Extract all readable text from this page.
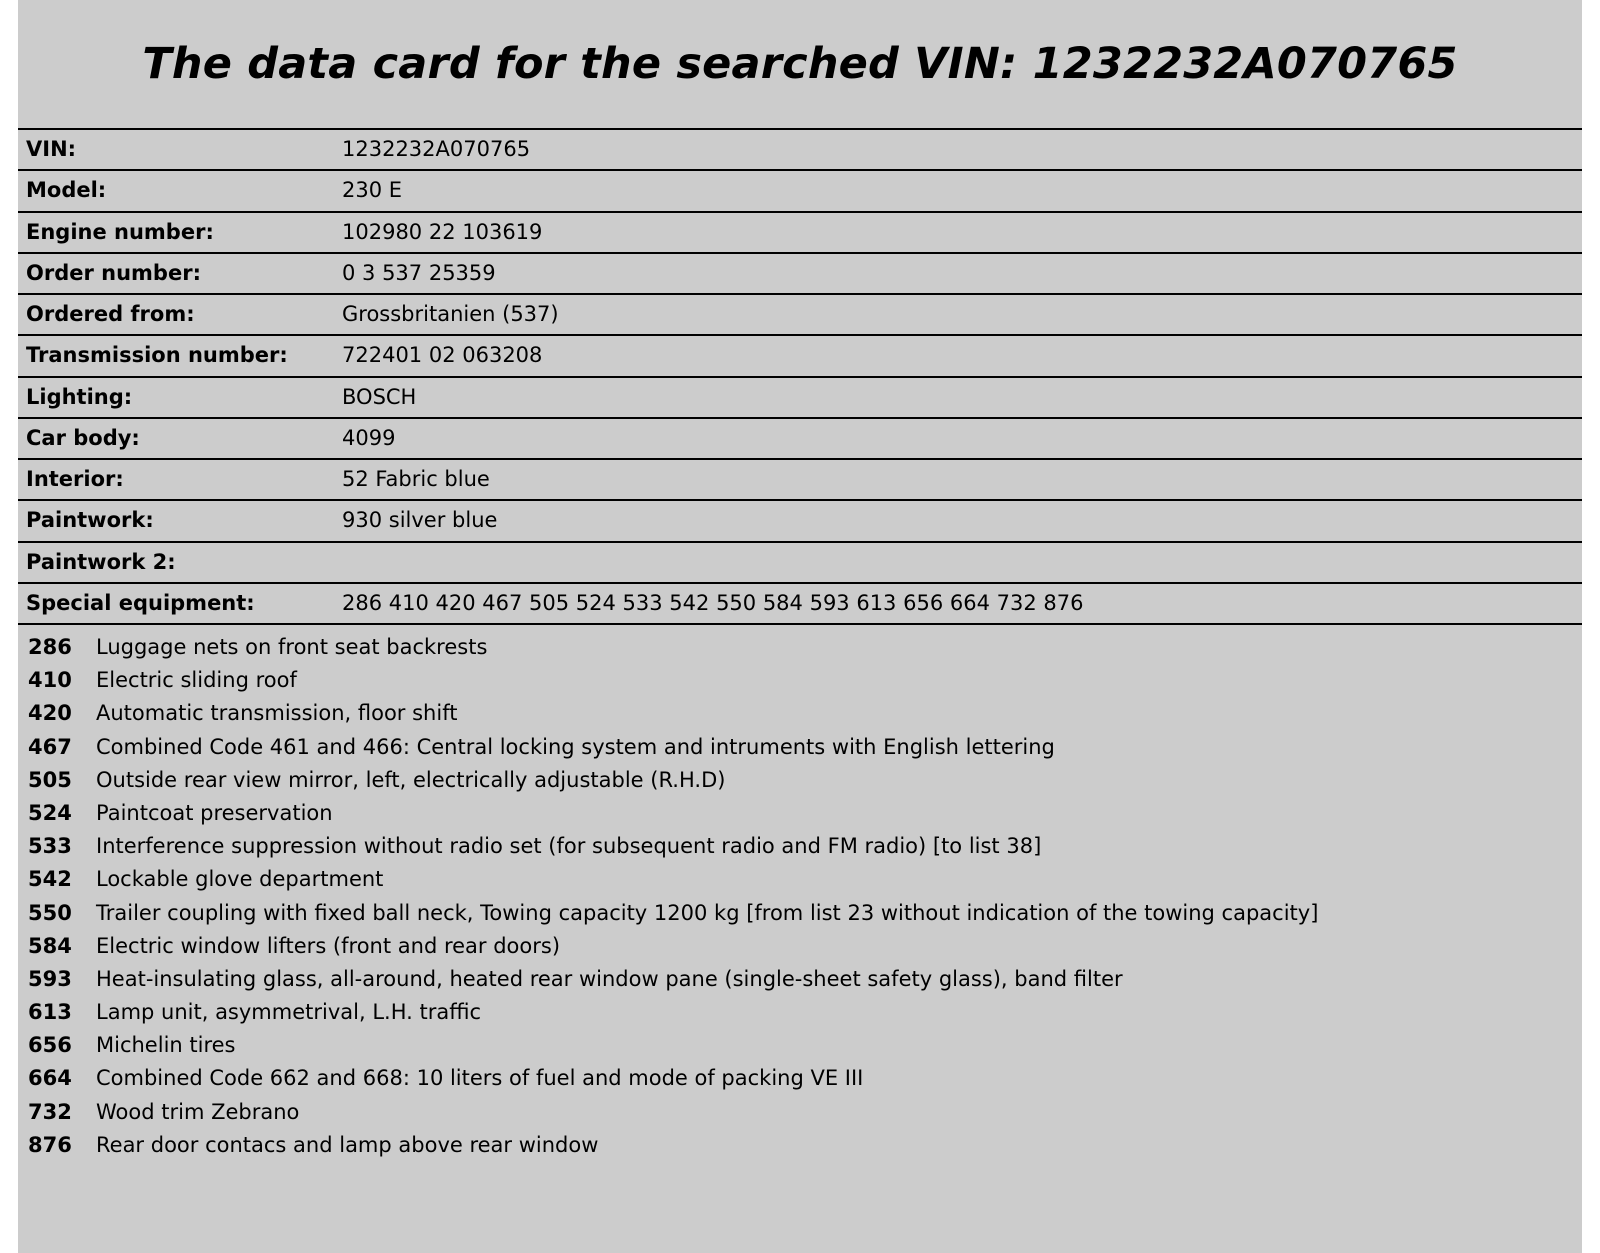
The data card for the searched VIN: 1232232A070765
VIN:	1232232A070765
Model:	230 E
Engine number:	102980 22 103619
Order number:	0 3 537 25359
Ordered from:	Grossbritanien (537)
Transmission number:	722401 02 063208
Lighting:	BOSCH
Car body:	4099
Interior:	52 Fabric blue
Paintwork:	930 silver blue
Paintwork 2:	
Special equipment:	286 410 420 467 505 524 533 542 550 584 593 613 656 664 732 876
286	Luggage nets on front seat backrests
410	Electric sliding roof
420	Automatic transmission, floor shift
467	Combined Code 461 and 466: Central locking system and intruments with English lettering
505	Outside rear view mirror, left, electrically adjustable (R.H.D)
524	Paintcoat preservation
533	Interference suppression without radio set (for subsequent radio and FM radio) [to list 38]
542	Lockable glove department
550	Trailer coupling with fixed ball neck, Towing capacity 1200 kg [from list 23 without indication of the towing capacity]
584	Electric window lifters (front and rear doors)
593	Heat-insulating glass, all-around, heated rear window pane (single-sheet safety glass), band filter
613	Lamp unit, asymmetrival, L.H. traffic
656	Michelin tires
664	Combined Code 662 and 668: 10 liters of fuel and mode of packing VE III
732	Wood trim Zebrano
876	Rear door contacs and lamp above rear window
